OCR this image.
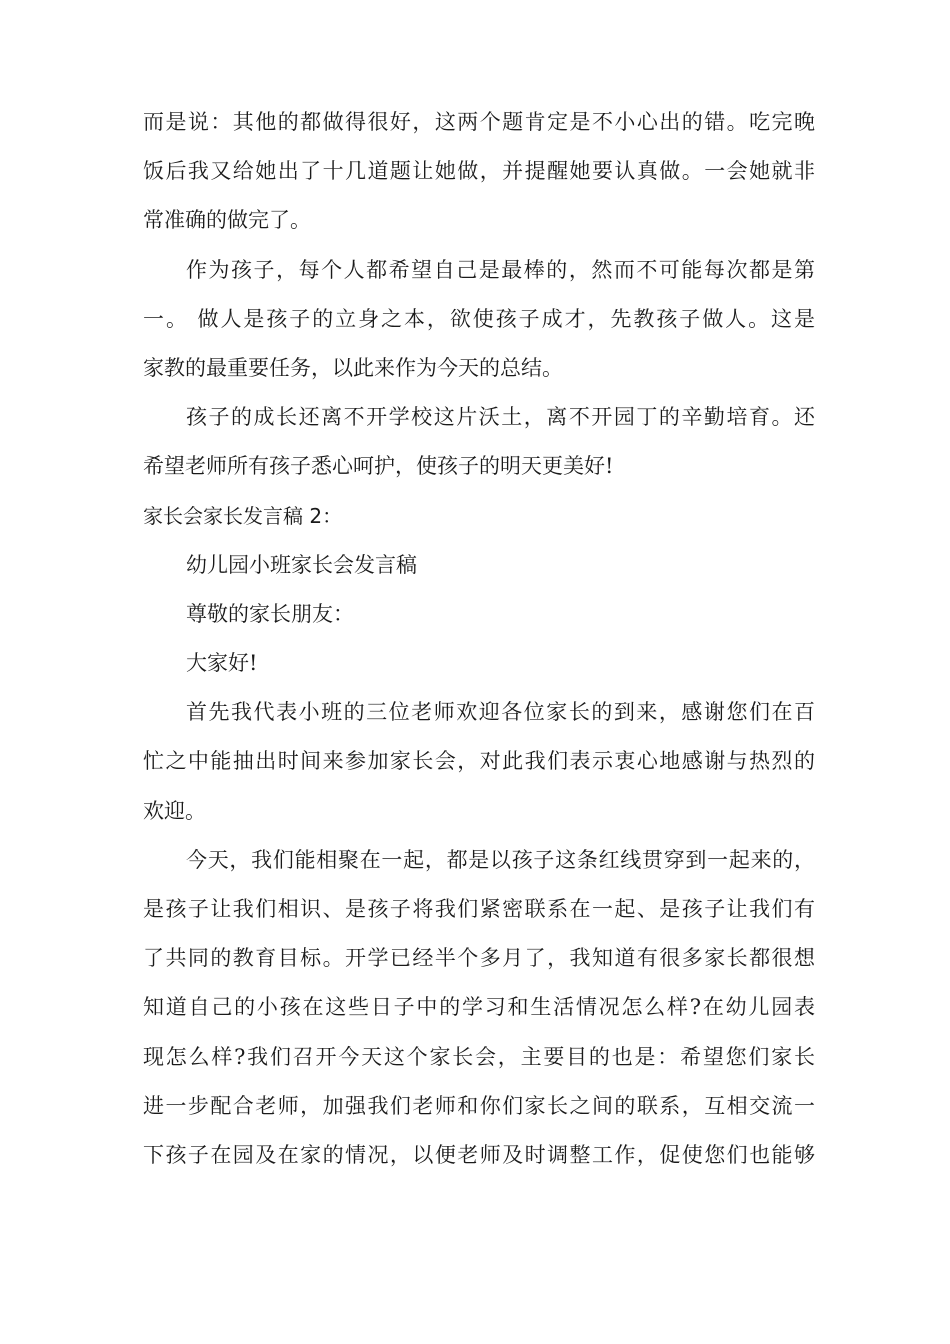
而是说：其他的都做得很好，这两个题肯定是不小心出的错。吃完晚
饭后我又给她出了十几道题让她做，并提醒她要认真做。一会她就非
常准确的做完了。
作为孩子，每个人都希望自己是最棒的，然而不可能每次都是第
一。 做人是孩子的立身之本，欲使孩子成才，先教孩子做人。这是
家教的最重要任务，以此来作为今天的总结。
孩子的成长还离不开学校这片沃土，离不开园丁的辛勤培育。还
希望老师所有孩子悉心呵护，使孩子的明天更美好!
家长会家长发言稿 2：
幼儿园小班家长会发言稿
尊敬的家长朋友：
大家好!
首先我代表小班的三位老师欢迎各位家长的到来，感谢您们在百
忙之中能抽出时间来参加家长会，对此我们表示衷心地感谢与热烈的
欢迎。
今天，我们能相聚在一起，都是以孩子这条红线贯穿到一起来的，
是孩子让我们相识、是孩子将我们紧密联系在一起、是孩子让我们有
了共同的教育目标。开学已经半个多月了，我知道有很多家长都很想
知道自己的小孩在这些日子中的学习和生活情况怎么样?在幼儿园表
现怎么样?我们召开今天这个家长会，主要目的也是：希望您们家长
进一步配合老师，加强我们老师和你们家长之间的联系，互相交流一
下孩子在园及在家的情况，以便老师及时调整工作，促使您们也能够
